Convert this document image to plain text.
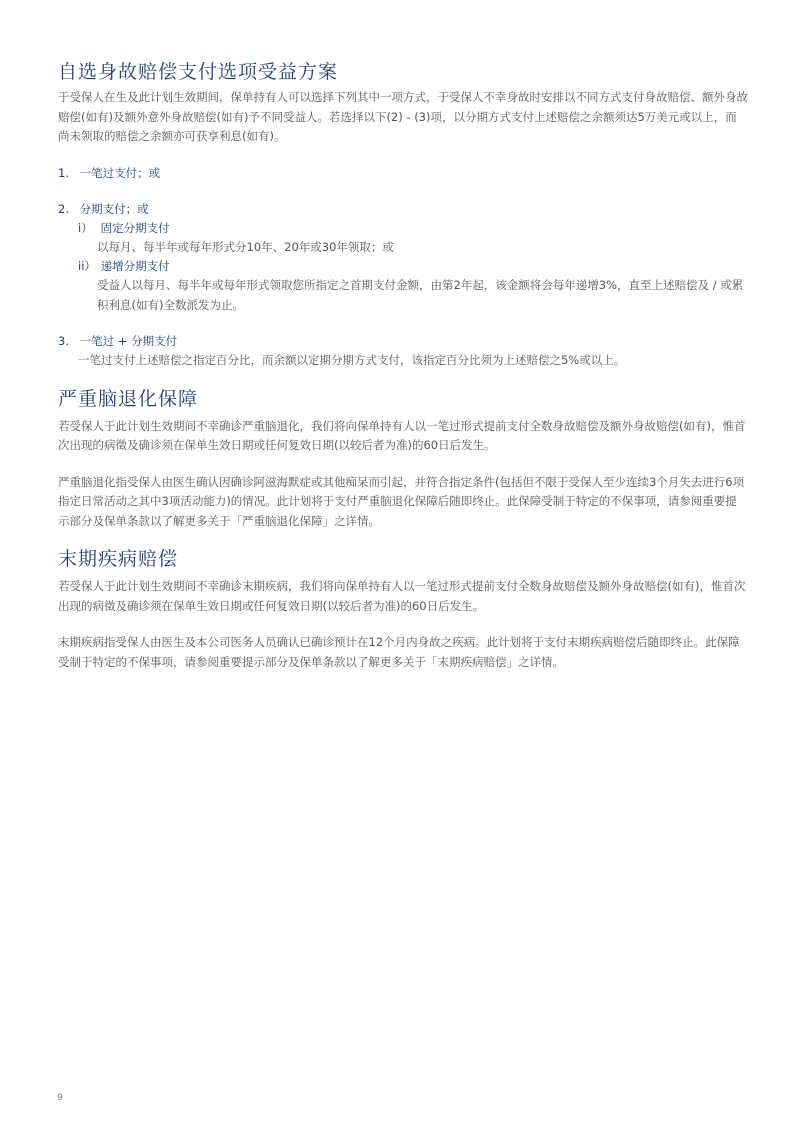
自选身故赔偿支付选项受益方案

于受保人在生及此计划生效期间，保单持有人可以选择下列其中一项方式，于受保人不幸身故时安排以不同方式支付身故赔偿、额外身故赔偿(如有)及额外意外身故赔偿(如有)予不同受益人。若选择以下(2) - (3)项，以分期方式支付上述赔偿之余额须达5万美元或以上，而尚未领取的赔偿之余额亦可获享利息(如有)。

1. 一笔过支付；或
2. 分期支付；或
i） 固定分期支付
以每月、每半年或每年形式分10年、20年或30年领取；或
ii） 递增分期支付
受益人以每月、每半年或每年形式领取您所指定之首期支付金额，由第2年起，该金额将会每年递增3%，直至上述赔偿及 / 或累积利息(如有)全数派发为止。
3. 一笔过 + 分期支付
一笔过支付上述赔偿之指定百分比，而余额以定期分期方式支付，该指定百分比须为上述赔偿之5%或以上。
严重脑退化保障

若受保人于此计划生效期间不幸确诊严重脑退化，我们将向保单持有人以一笔过形式提前支付全数身故赔偿及额外身故赔偿(如有)，惟首次出现的病徵及确诊须在保单生效日期或任何复效日期(以较后者为准)的60日后发生。

严重脑退化指受保人由医生确认因确诊阿滋海默症或其他痴呆而引起，并符合指定条件(包括但不限于受保人至少连续3个月失去进行6项指定日常活动之其中3项活动能力)的情况。此计划将于支付严重脑退化保障后随即终止。此保障受制于特定的不保事项，请参阅重要提示部分及保单条款以了解更多关于「严重脑退化保障」之详情。

末期疾病赔偿

若受保人于此计划生效期间不幸确诊末期疾病，我们将向保单持有人以一笔过形式提前支付全数身故赔偿及额外身故赔偿(如有)，惟首次出现的病徵及确诊须在保单生效日期或任何复效日期(以较后者为准)的60日后发生。

末期疾病指受保人由医生及本公司医务人员确认已确诊预计在12个月内身故之疾病。此计划将于支付末期疾病赔偿后随即终止。此保障受制于特定的不保事项，请参阅重要提示部分及保单条款以了解更多关于「末期疾病赔偿」之详情。

9
